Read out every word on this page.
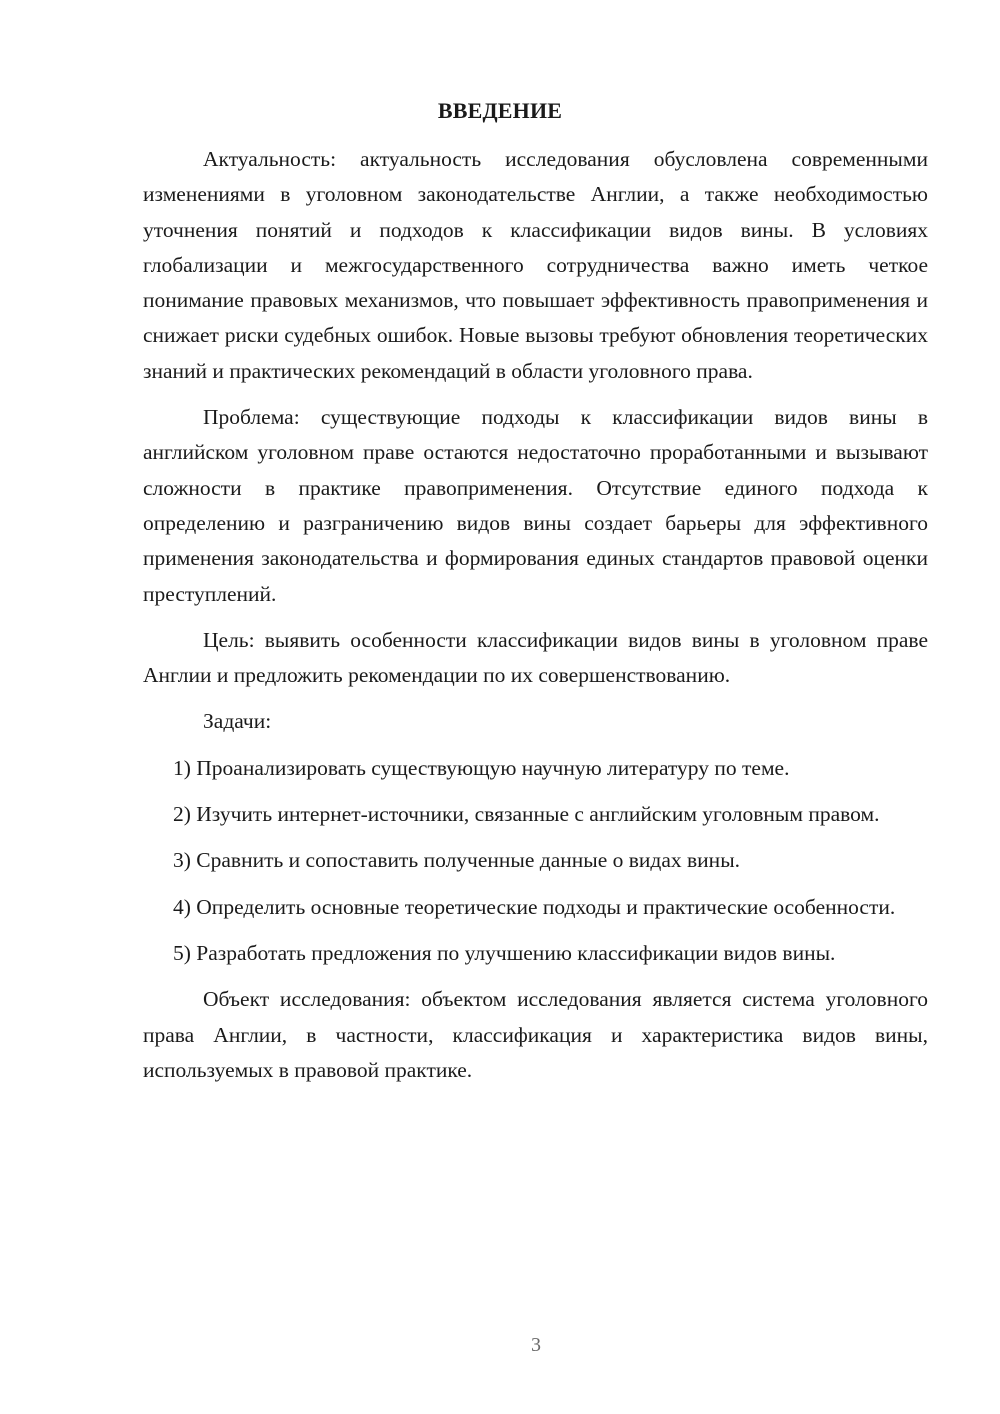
ВВЕДЕНИЕ

Актуальность: актуальность исследования обусловлена современными изменениями в уголовном законодательстве Англии, а также необходимостью уточнения понятий и подходов к классификации видов вины. В условиях глобализации и межгосударственного сотрудничества важно иметь четкое понимание правовых механизмов, что повышает эффективность правоприменения и снижает риски судебных ошибок. Новые вызовы требуют обновления теоретических знаний и практических рекомендаций в области уголовного права.

Проблема: существующие подходы к классификации видов вины в английском уголовном праве остаются недостаточно проработанными и вызывают сложности в практике правоприменения. Отсутствие единого подхода к определению и разграничению видов вины создает барьеры для эффективного применения законодательства и формирования единых стандартов правовой оценки преступлений.

Цель: выявить особенности классификации видов вины в уголовном праве Англии и предложить рекомендации по их совершенствованию.

Задачи:

1) Проанализировать существующую научную литературу по теме.

2) Изучить интернет-источники, связанные с английским уголовным правом.

3) Сравнить и сопоставить полученные данные о видах вины.

4) Определить основные теоретические подходы и практические особенности.

5) Разработать предложения по улучшению классификации видов вины.

Объект исследования: объектом исследования является система уголовного права Англии, в частности, классификация и характеристика видов вины, используемых в правовой практике.

3
